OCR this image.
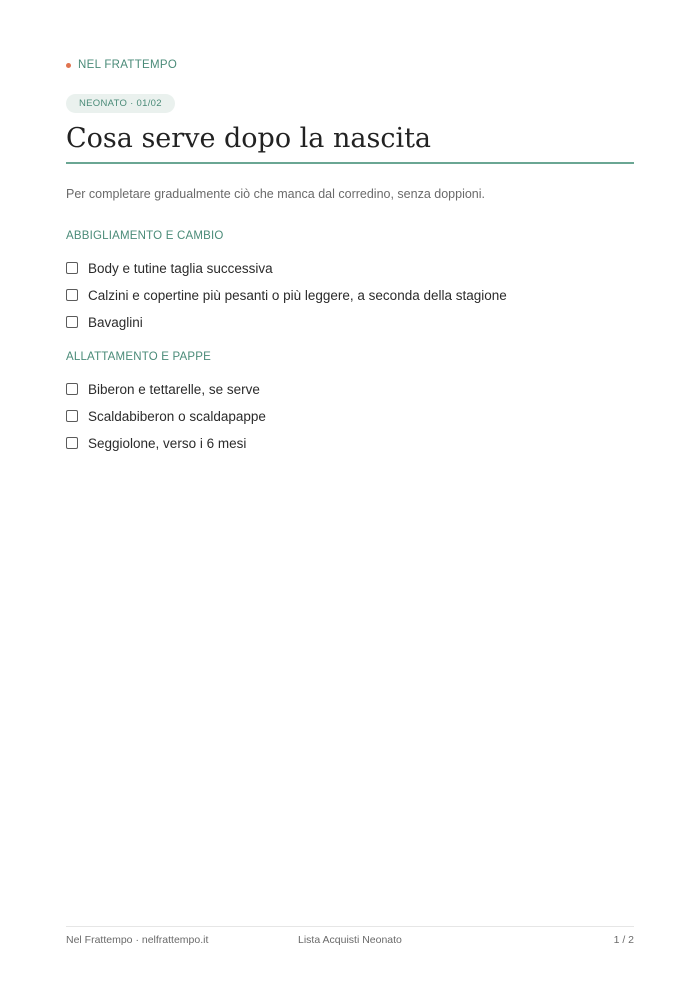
NEL FRATTEMPO
NEONATO · 01/02
Cosa serve dopo la nascita
Per completare gradualmente ciò che manca dal corredino, senza doppioni.
ABBIGLIAMENTO E CAMBIO
Body e tutine taglia successiva
Calzini e copertine più pesanti o più leggere, a seconda della stagione
Bavaglini
ALLATTAMENTO E PAPPE
Biberon e tettarelle, se serve
Scaldabiberon o scaldapappe
Seggiolone, verso i 6 mesi
Nel Frattempo · nelfrattempo.it	Lista Acquisti Neonato	1 / 2
